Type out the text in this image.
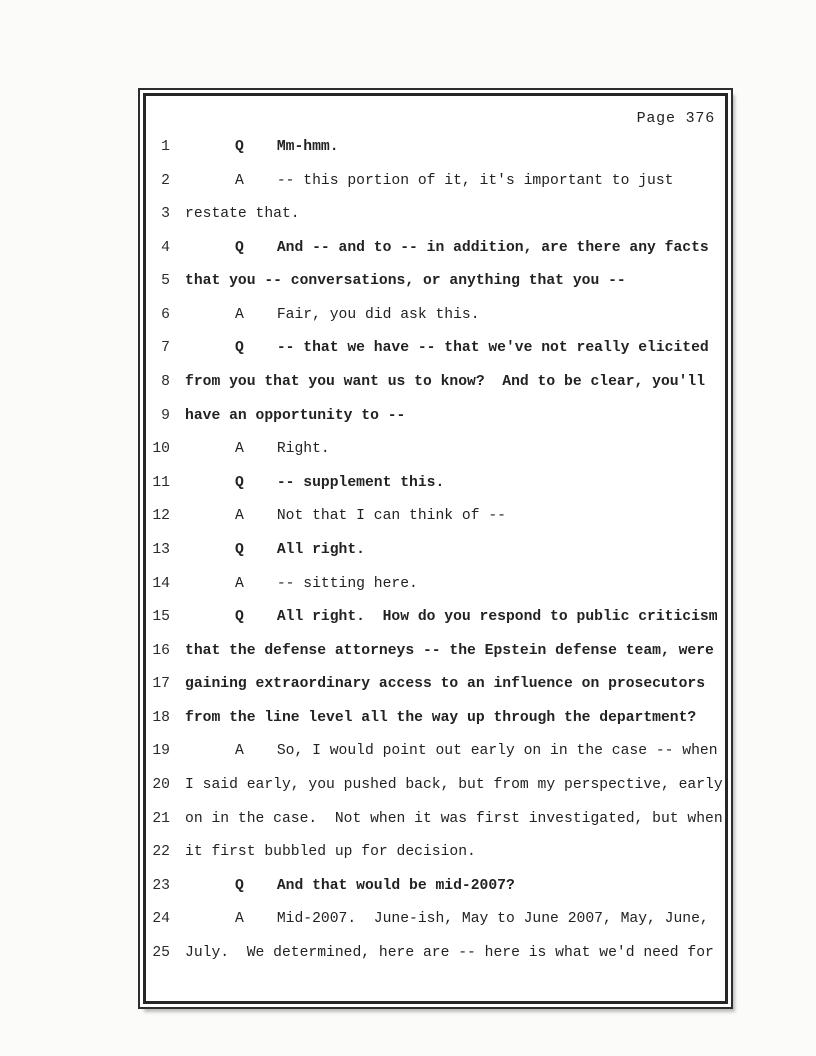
Page 376
1	Q Mm-hmm.
2	A -- this portion of it, it's important to just
3 restate that.
4	Q And -- and to -- in addition, are there any facts
5 that you -- conversations, or anything that you --
6	A Fair, you did ask this.
7	Q -- that we have -- that we've not really elicited
8 from you that you want us to know?  And to be clear, you'll
9 have an opportunity to --
10	A Right.
11	Q -- supplement this.
12	A Not that I can think of --
13	Q All right.
14	A -- sitting here.
15	Q All right.  How do you respond to public criticism
16 that the defense attorneys -- the Epstein defense team, were
17 gaining extraordinary access to an influence on prosecutors
18 from the line level all the way up through the department?
19	A So, I would point out early on in the case -- when
20 I said early, you pushed back, but from my perspective, early
21 on in the case.  Not when it was first investigated, but when
22 it first bubbled up for decision.
23	Q And that would be mid-2007?
24	A Mid-2007.  June-ish, May to June 2007, May, June,
25 July.  We determined, here are -- here is what we'd need for
